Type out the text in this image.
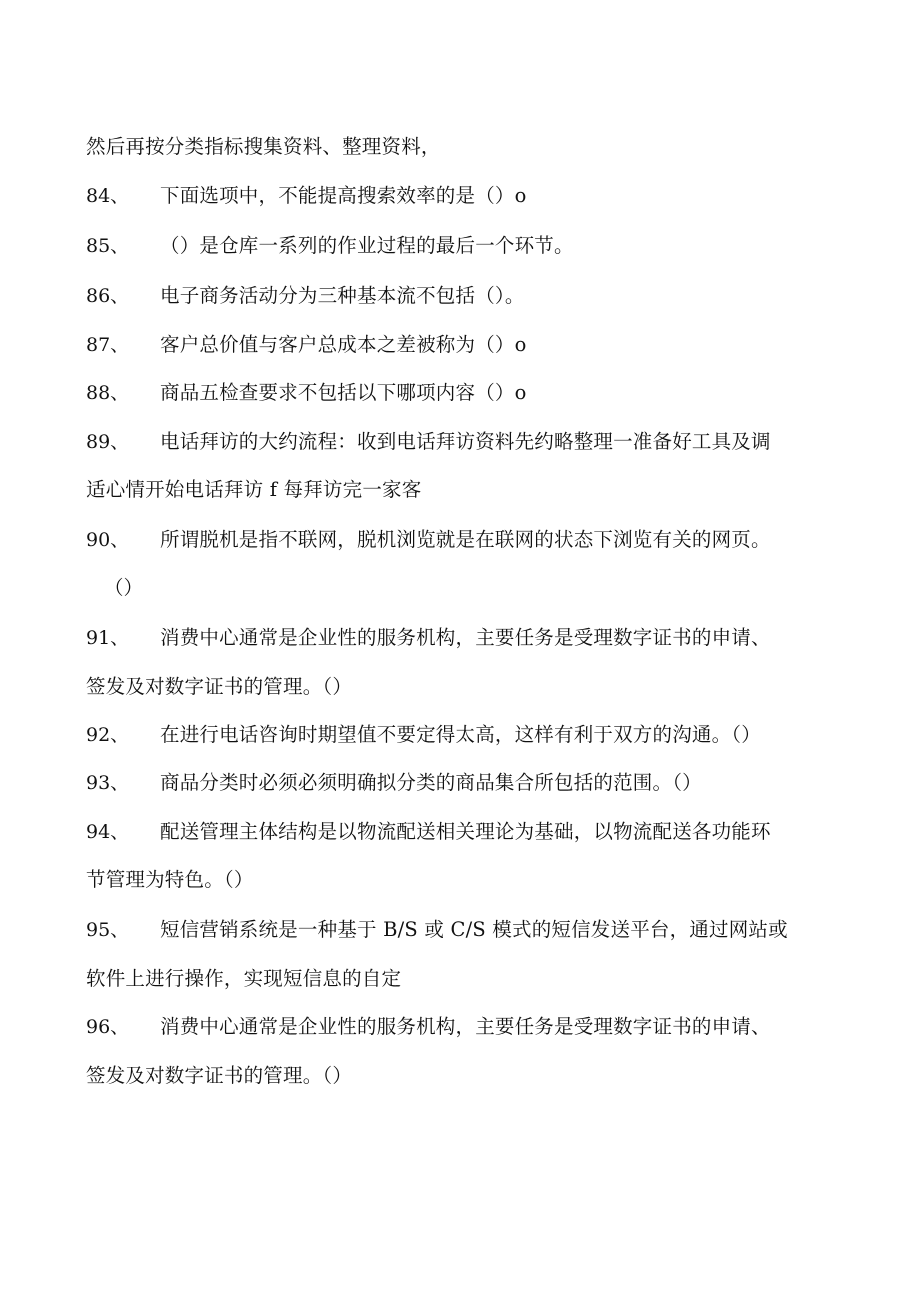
然后再按分类指标搜集资料、整理资料，
84、 下面选项中，不能提高搜索效率的是（）o
85、 （）是仓库一系列的作业过程的最后一个环节。
86、 电子商务活动分为三种基本流不包括（）。
87、 客户总价值与客户总成本之差被称为（）o
88、 商品五检查要求不包括以下哪项内容（）o
89、 电话拜访的大约流程：收到电话拜访资料先约略整理一准备好工具及调
适心情开始电话拜访 f 每拜访完一家客
90、 所谓脱机是指不联网，脱机浏览就是在联网的状态下浏览有关的网页。
（）
91、 消费中心通常是企业性的服务机构，主要任务是受理数字证书的申请、
签发及对数字证书的管理。（）
92、 在进行电话咨询时期望值不要定得太高，这样有利于双方的沟通。（）
93、 商品分类时必须必须明确拟分类的商品集合所包括的范围。（）
94、 配送管理主体结构是以物流配送相关理论为基础，以物流配送各功能环
节管理为特色。（）
95、 短信营销系统是一种基于 B/S 或 C/S 模式的短信发送平台，通过网站或
软件上进行操作，实现短信息的自定
96、 消费中心通常是企业性的服务机构，主要任务是受理数字证书的申请、
签发及对数字证书的管理。（）
